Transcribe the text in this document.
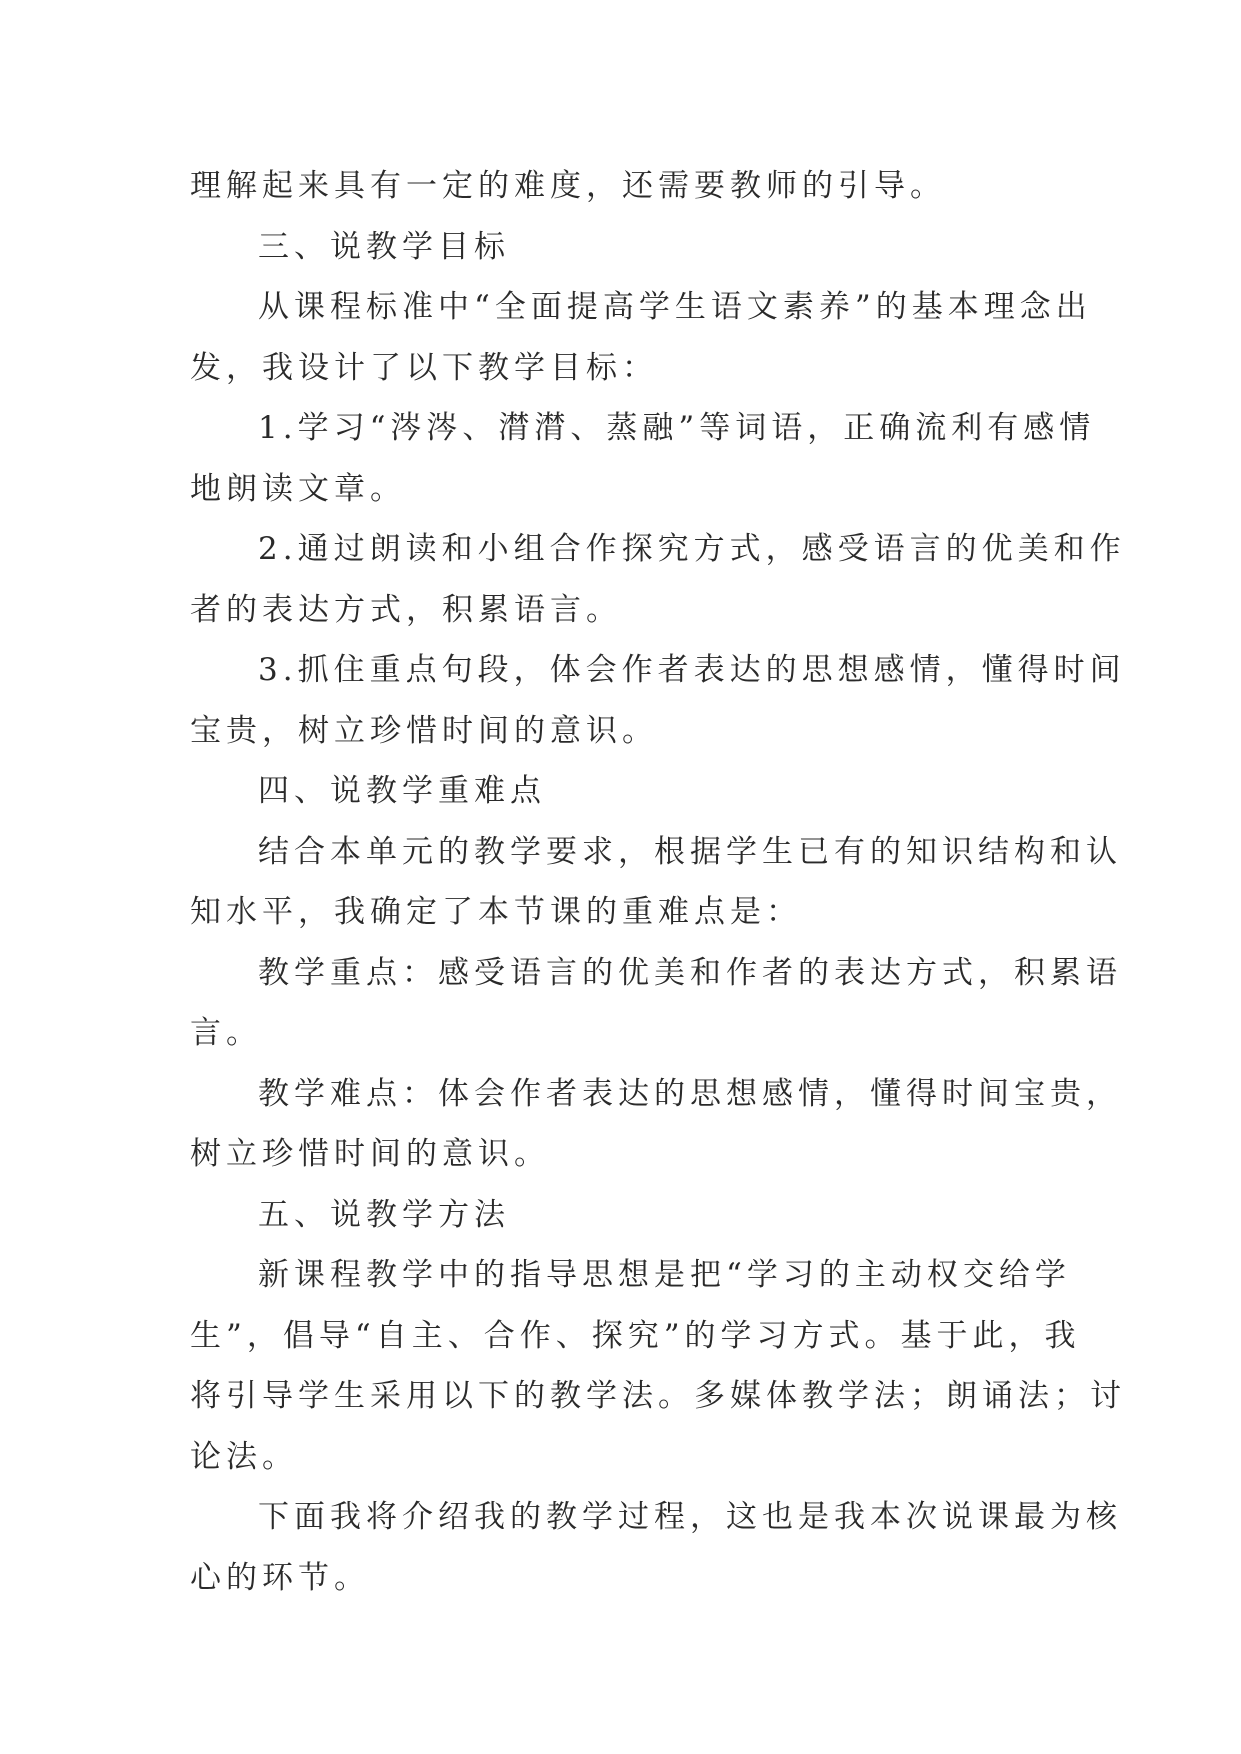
理解起来具有一定的难度，还需要教师的引导。
三、说教学目标
从课程标准中“全面提高学生语文素养”的基本理念出
发，我设计了以下教学目标：
1.学习“涔涔、潸潸、蒸融”等词语，正确流利有感情
地朗读文章。
2.通过朗读和小组合作探究方式，感受语言的优美和作
者的表达方式，积累语言。
3.抓住重点句段，体会作者表达的思想感情，懂得时间
宝贵，树立珍惜时间的意识。
四、说教学重难点
结合本单元的教学要求，根据学生已有的知识结构和认
知水平，我确定了本节课的重难点是：
教学重点：感受语言的优美和作者的表达方式，积累语
言。
教学难点：体会作者表达的思想感情，懂得时间宝贵，
树立珍惜时间的意识。
五、说教学方法
新课程教学中的指导思想是把“学习的主动权交给学
生”，倡导“自主、合作、探究”的学习方式。基于此，我
将引导学生采用以下的教学法。多媒体教学法；朗诵法；讨
论法。
下面我将介绍我的教学过程，这也是我本次说课最为核
心的环节。
